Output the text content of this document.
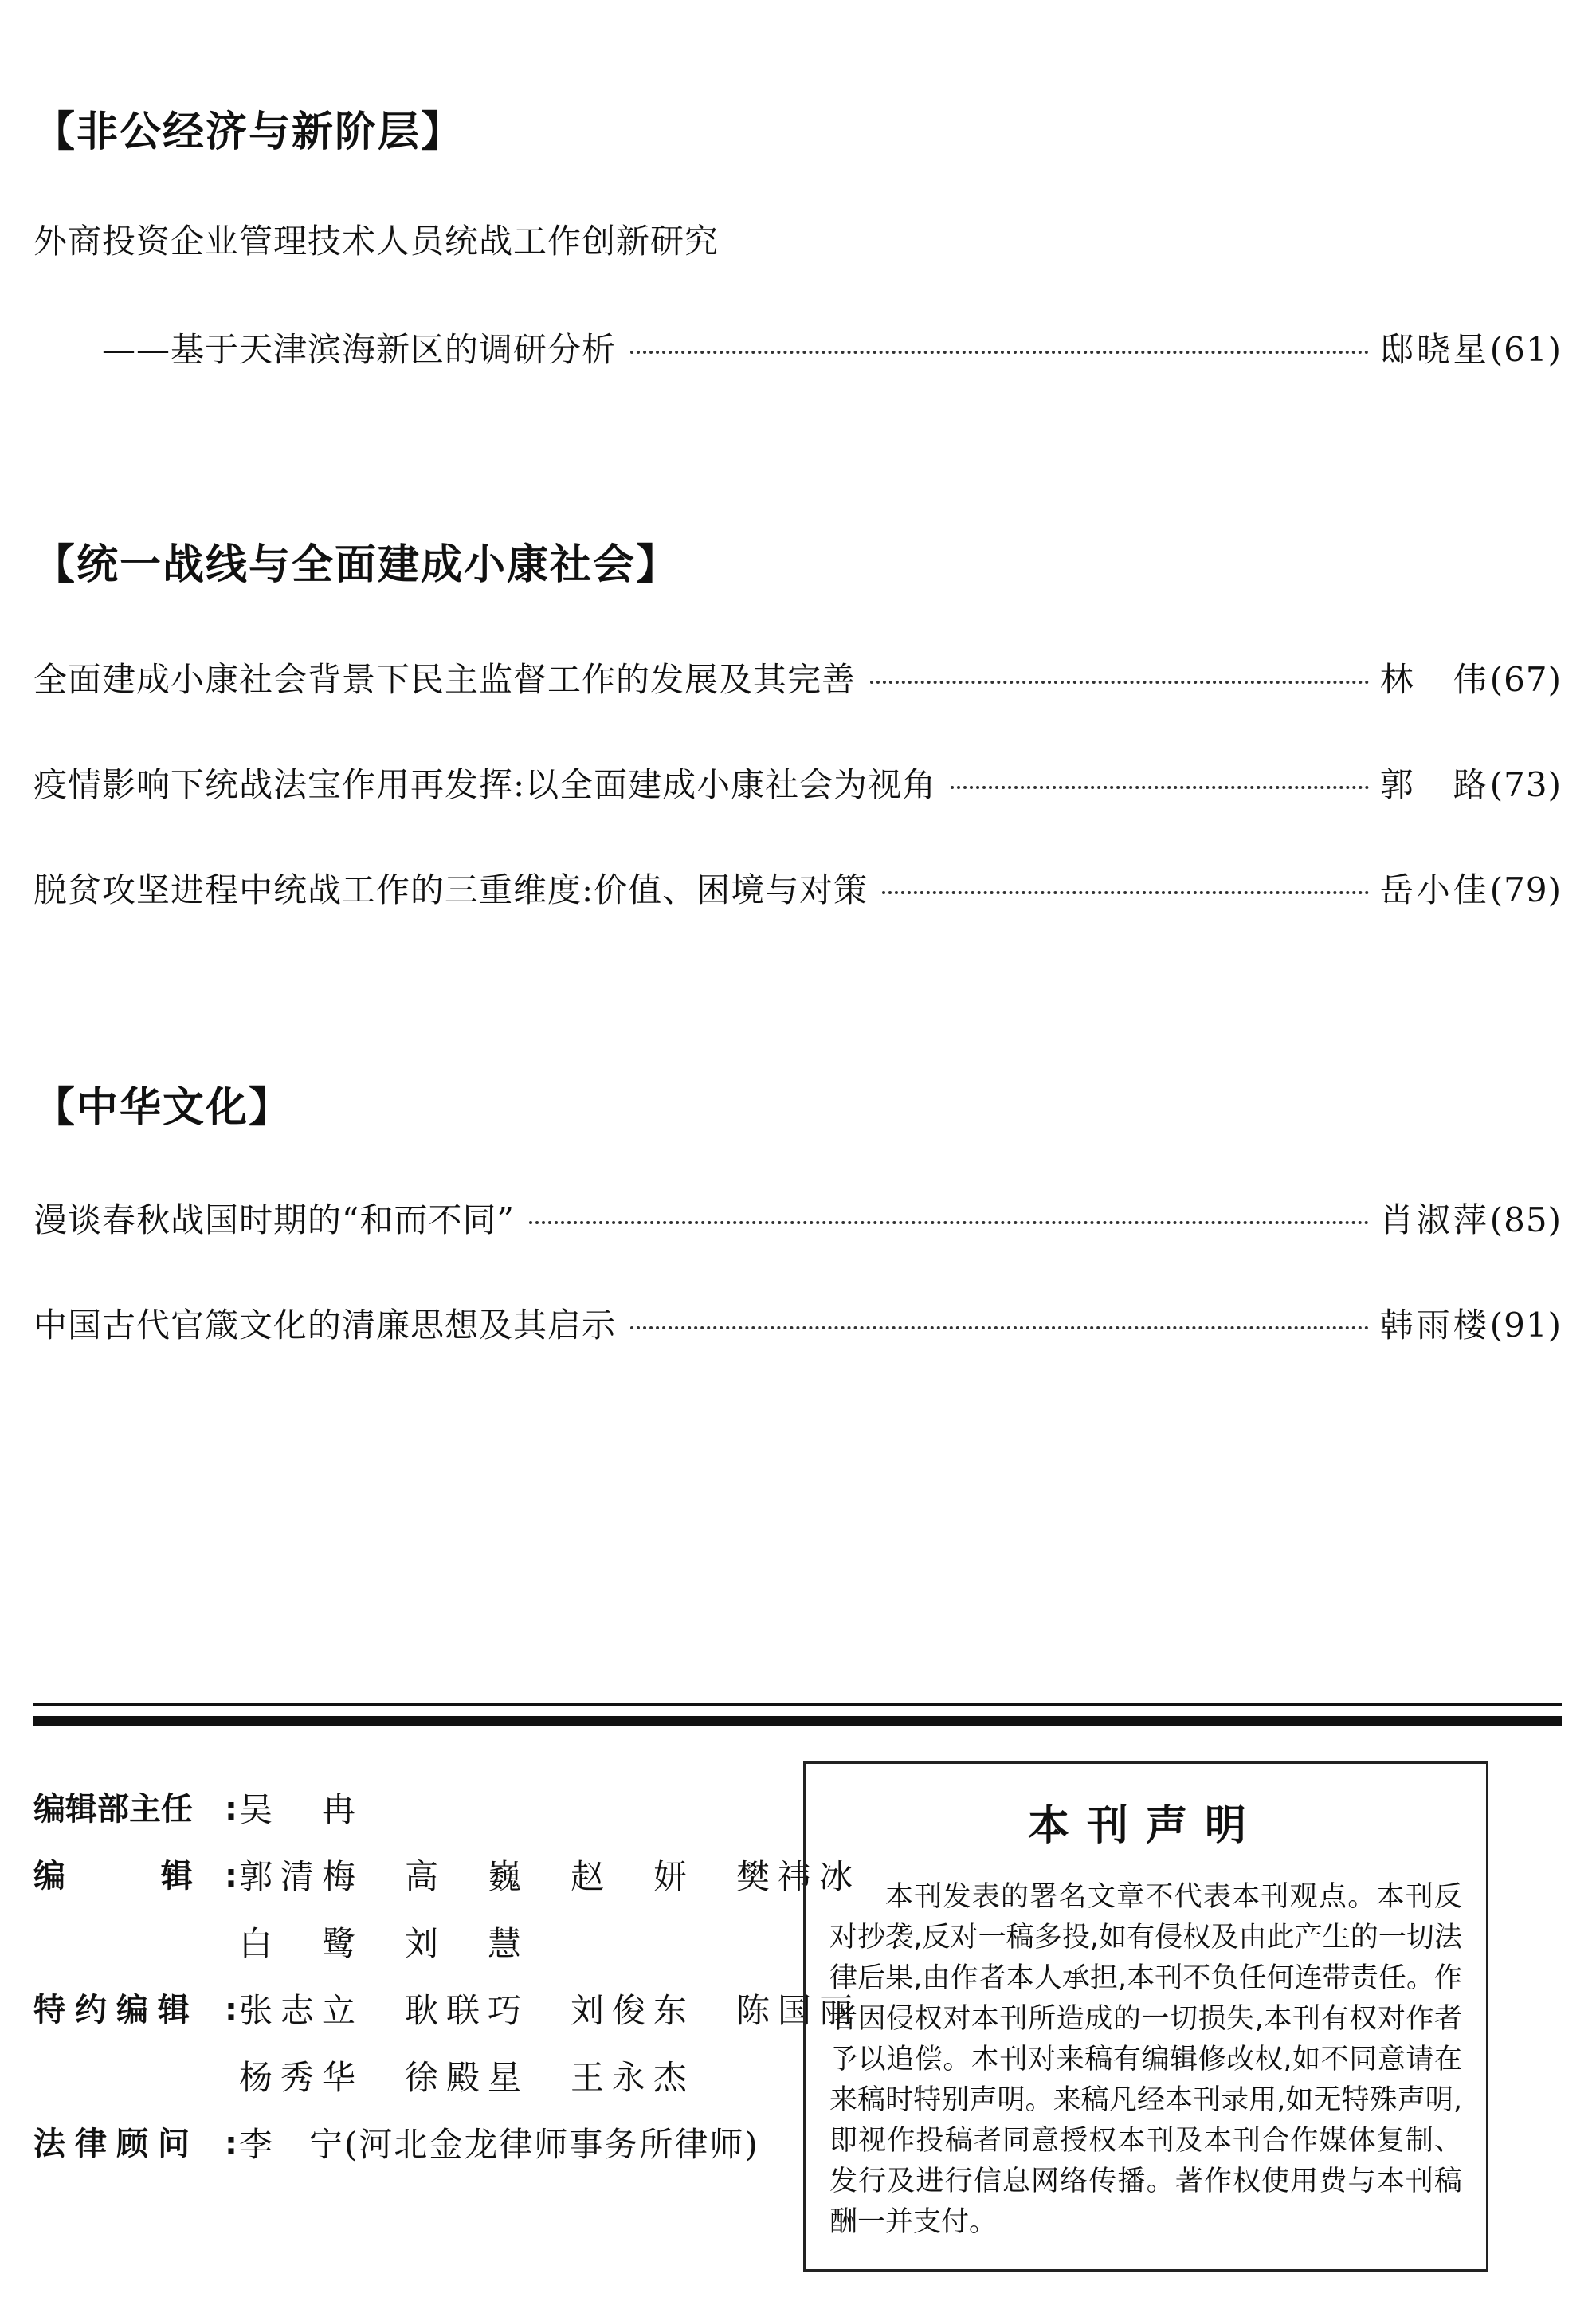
【非公经济与新阶层】
外商投资企业管理技术人员统战工作创新研究
——基于天津滨海新区的调研分析	邸晓星 (61)
【统一战线与全面建成小康社会】
全面建成小康社会背景下民主监督工作的发展及其完善	林　伟 (67)
疫情影响下统战法宝作用再发挥:以全面建成小康社会为视角	郭　路 (73)
脱贫攻坚进程中统战工作的三重维度:价值、困境与对策	岳小佳 (79)
【中华文化】
漫谈春秋战国时期的“和而不同”	肖淑萍 (85)
中国古代官箴文化的清廉思想及其启示	韩雨楼 (91)
编辑部主任 : 吴　冉
编　　　辑 : 郭清梅 高　巍 赵　妍 樊祎冰
白　鹭 刘　慧
特约编辑 : 张志立 耿联巧 刘俊东 陈国丽
杨秀华 徐殿星 王永杰
法律顾问 : 李　宁(河北金龙律师事务所律师)
本刊声明
本刊发表的署名文章不代表本刊观点。本刊反对抄袭,反对一稿多投,如有侵权及由此产生的一切法律后果,由作者本人承担,本刊不负任何连带责任。作者因侵权对本刊所造成的一切损失,本刊有权对作者予以追偿。本刊对来稿有编辑修改权,如不同意请在来稿时特别声明。来稿凡经本刊录用,如无特殊声明,即视作投稿者同意授权本刊及本刊合作媒体复制、发行及进行信息网络传播。著作权使用费与本刊稿酬一并支付。
